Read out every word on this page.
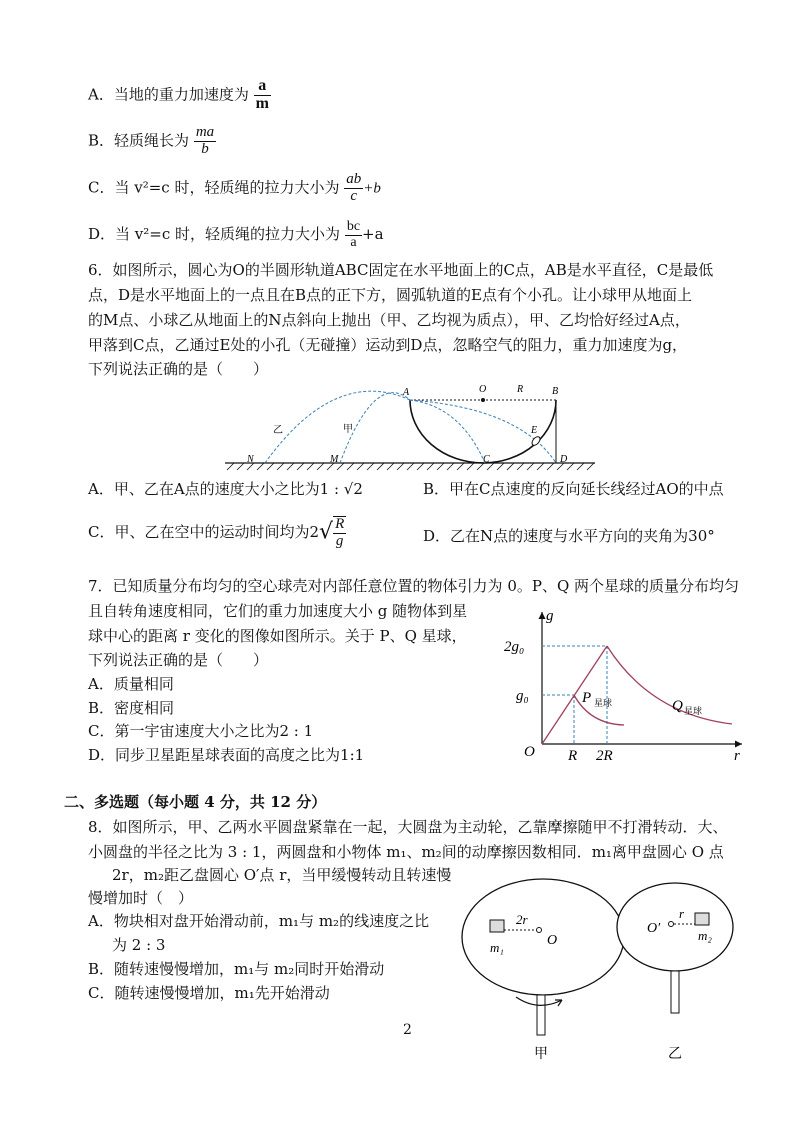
A．当地的重力加速度为 $\frac{a}{m}$
B．轻质绳长为 $\frac{ma}{b}$
C．当 v²=c 时，轻质绳的拉力大小为 $\frac{ab}{c} +b$
D．当 v²=c 时，轻质绳的拉力大小为 $\frac{bc}{a} +a$
6．如图所示，圆心为O的半圆形轨道ABC固定在水平地面上的C点，AB是水平直径，C是最低
点，D是水平地面上的一点且在B点的正下方，圆弧轨道的E点有个小孔。让小球甲从地面上
的M点、小球乙从地面上的N点斜向上抛出（甲、乙均视为质点），甲、乙均恰好经过A点，
甲落到C点，乙通过E处的小孔（无碰撞）运动到D点，忽略空气的阻力，重力加速度为g，
下列说法正确的是（　　）
A	O	R	B
E
N	M	C	D
乙	甲
A．甲、乙在A点的速度大小之比为1 : √2	B．甲在C点速度的反向延长线经过AO的中点
C．甲、乙在空中的运动时间均为$2√ \frac{R}{g}$	D．乙在N点的速度与水平方向的夹角为30°
7．已知质量分布均匀的空心球壳对内部任意位置的物体引力为 0。P、Q 两个星球的质量分布均匀
且自转角速度相同，它们的重力加速度大小 g 随物体到星
球中心的距离 r 变化的图像如图所示。关于 P、Q 星球，
下列说法正确的是（　　）
A．质量相同
B．密度相同
C．第一宇宙速度大小之比为2 : 1
D．同步卫星距星球表面的高度之比为1:1
g
r
2g₀
g₀
O R 2R
P 星球	Q 星球
二、多选题（每小题 4 分，共 12 分）
8．如图所示，甲、乙两水平圆盘紧靠在一起，大圆盘为主动轮，乙靠摩擦随甲不打滑转动．大、
小圆盘的半径之比为 3 : 1，两圆盘和小物体 m₁、m₂间的动摩擦因数相同．m₁离甲盘圆心 O 点
2r，m₂距乙盘圆心 O′点 r，当甲缓慢转动且转速慢
慢增加时（　）
A．物块相对盘开始滑动前，m₁与 m₂的线速度之比
为 2 : 3
B．随转速慢慢增加，m₁与 m₂同时开始滑动
C．随转速慢慢增加，m₁先开始滑动
2r
O
m₁
甲
r
O′	m₂
乙
2
